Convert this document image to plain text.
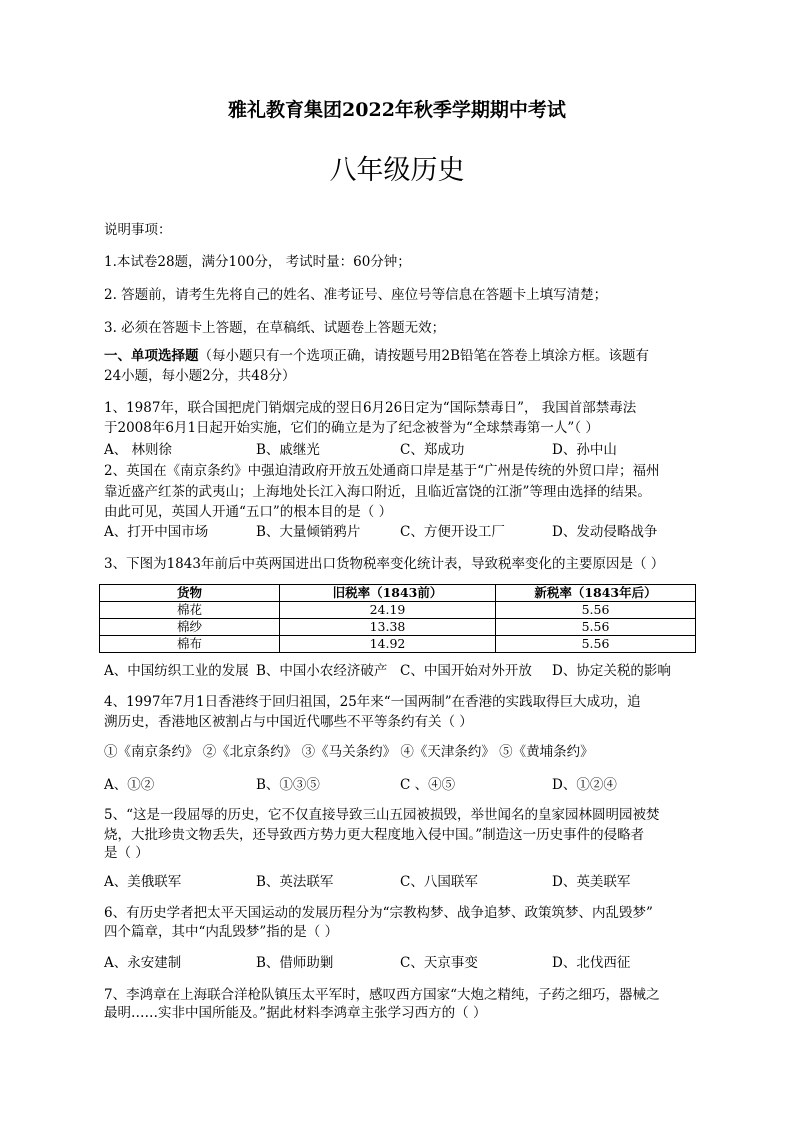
雅礼教育集团2022年秋季学期期中考试
八年级历史
说明事项：
1.本试卷28题，满分100分， 考试时量：60分钟；
2. 答题前，请考生先将自己的姓名、准考证号、座位号等信息在答题卡上填写清楚；
3. 必须在答题卡上答题，在草稿纸、试题卷上答题无效；
一、单项选择题（每小题只有一个选项正确，请按题号用2B铅笔在答卷上填涂方框。该题有
24小题，每小题2分，共48分）
1、1987年，联合国把虎门销烟完成的翌日6月26日定为“国际禁毒日”， 我国首部禁毒法
于2008年6月1日起开始实施，它们的确立是为了纪念被誉为“全球禁毒第一人”（ ）
A、 林则徐	B、戚继光	C、郑成功	D、孙中山
2、英国在《南京条约》中强迫清政府开放五处通商口岸是基于“广州是传统的外贸口岸；福州
靠近盛产红茶的武夷山；上海地处长江入海口附近，且临近富饶的江浙”等理由选择的结果。
由此可见，英国人开通“五口”的根本目的是（ ）
A、打开中国市场	B、大量倾销鸦片	C、方便开设工厂	D、发动侵略战争
3、下图为1843年前后中英两国进出口货物税率变化统计表，导致税率变化的主要原因是（ ）
货物	旧税率（1843前）	新税率（1843年后）
棉花	24.19	5.56
棉纱	13.38	5.56
棉布	14.92	5.56
A、中国纺织工业的发展 B、中国小农经济破产 C、中国开始对外开放 D、协定关税的影响
4、1997年7月1日香港终于回归祖国，25年来“一国两制”在香港的实践取得巨大成功，追
溯历史，香港地区被割占与中国近代哪些不平等条约有关（ ）
①《南京条约》 ②《北京条约》 ③《马关条约》 ④《天津条约》 ⑤《黄埔条约》
A、①②	B、①③⑤	C 、④⑤	D、①②④
5、“这是一段屈辱的历史，它不仅直接导致三山五园被损毁，举世闻名的皇家园林圆明园被焚
烧，大批珍贵文物丢失，还导致西方势力更大程度地入侵中国。”制造这一历史事件的侵略者
是（ ）
A、美俄联军	B、英法联军	C、八国联军	D、英美联军
6、有历史学者把太平天国运动的发展历程分为“宗教构梦、战争追梦、政策筑梦、内乱毁梦”
四个篇章，其中“内乱毁梦”指的是（ ）
A、永安建制	B、借师助剿	C、天京事变	D、北伐西征
7、李鸿章在上海联合洋枪队镇压太平军时，感叹西方国家“大炮之精纯，子药之细巧，器械之
最明……实非中国所能及。”据此材料李鸿章主张学习西方的（ ）
